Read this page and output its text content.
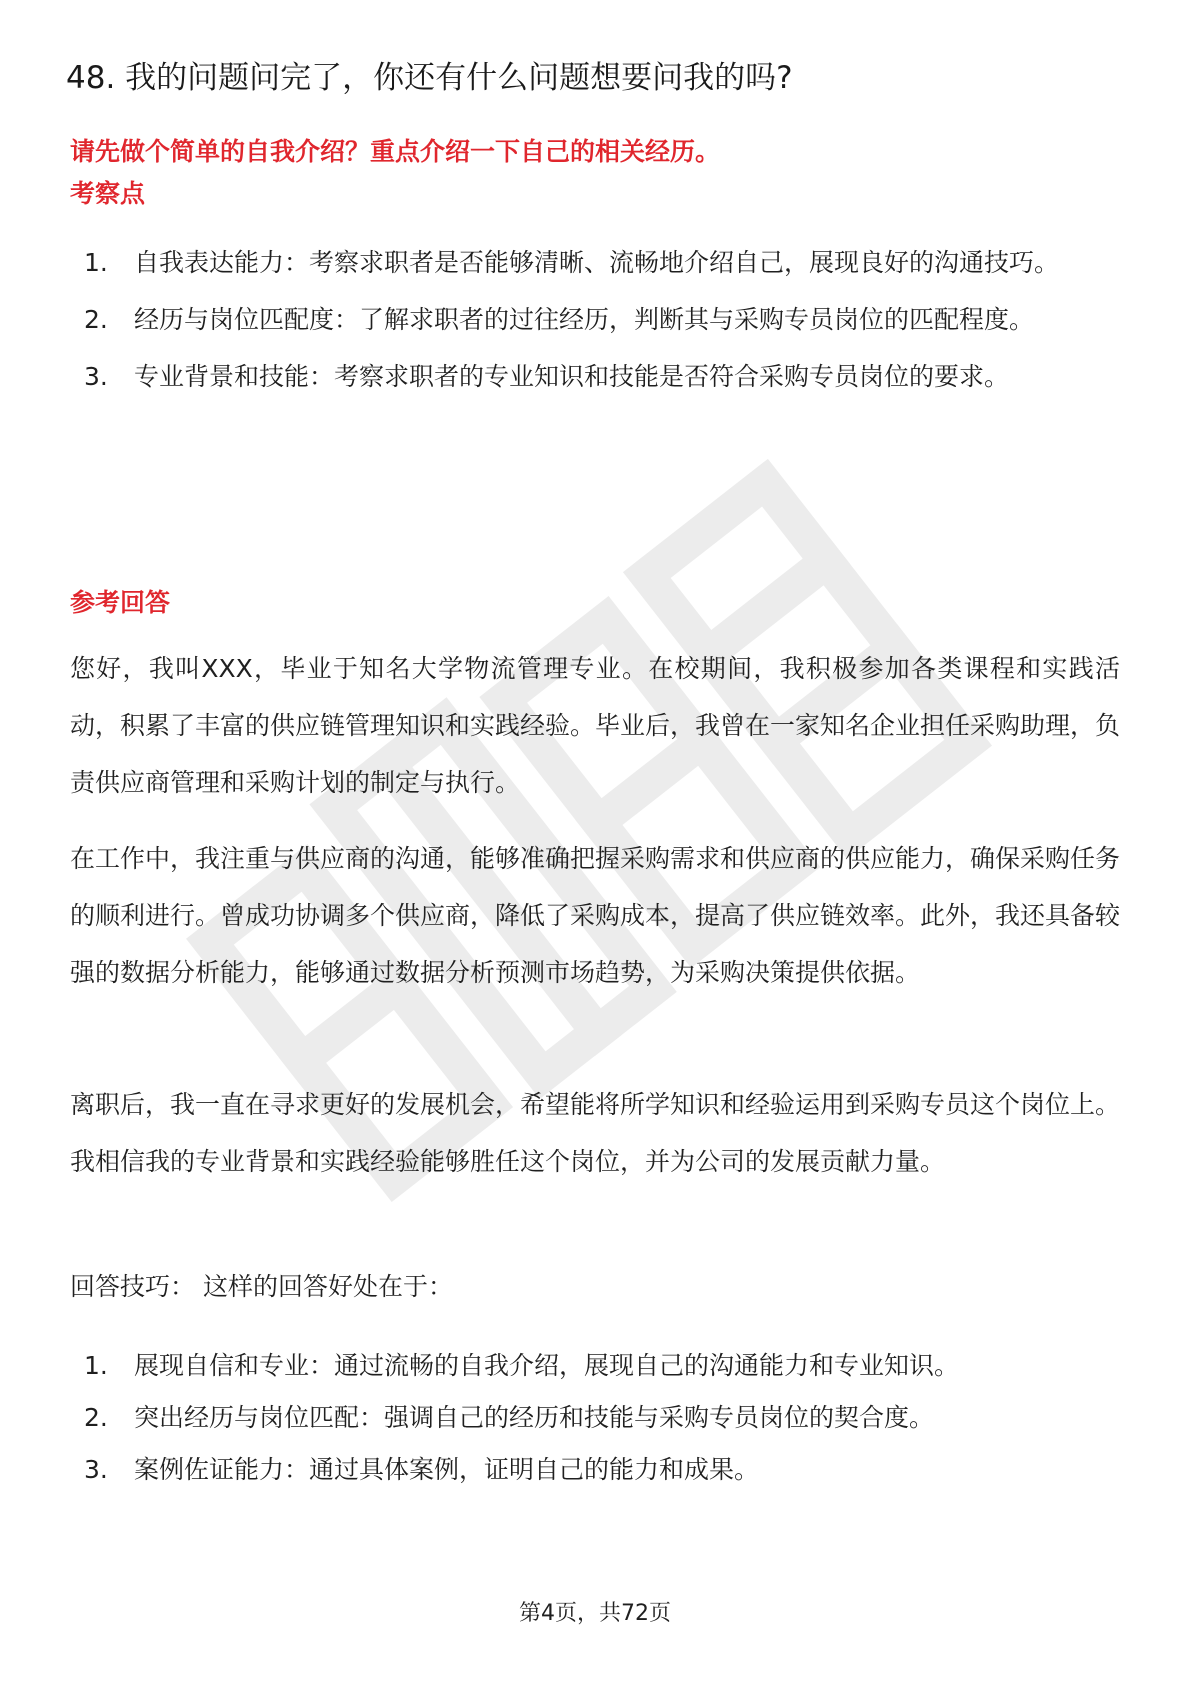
48. 我的问题问完了，你还有什么问题想要问我的吗?

请先做个简单的自我介绍？重点介绍一下自己的相关经历。

考察点

1. 自我表达能力：考察求职者是否能够清晰、流畅地介绍自己，展现良好的沟通技巧。
2. 经历与岗位匹配度：了解求职者的过往经历，判断其与采购专员岗位的匹配程度。
3. 专业背景和技能：考察求职者的专业知识和技能是否符合采购专员岗位的要求。

参考回答

您好，我叫XXX，毕业于知名大学物流管理专业。在校期间，我积极参加各类课程和实践活动，积累了丰富的供应链管理知识和实践经验。毕业后，我曾在一家知名企业担任采购助理，负责供应商管理和采购计划的制定与执行。

在工作中，我注重与供应商的沟通，能够准确把握采购需求和供应商的供应能力，确保采购任务的顺利进行。曾成功协调多个供应商，降低了采购成本，提高了供应链效率。此外，我还具备较强的数据分析能力，能够通过数据分析预测市场趋势，为采购决策提供依据。

离职后，我一直在寻求更好的发展机会，希望能将所学知识和经验运用到采购专员这个岗位上。我相信我的专业背景和实践经验能够胜任这个岗位，并为公司的发展贡献力量。

回答技巧： 这样的回答好处在于：

1. 展现自信和专业：通过流畅的自我介绍，展现自己的沟通能力和专业知识。
2. 突出经历与岗位匹配：强调自己的经历和技能与采购专员岗位的契合度。
3. 案例佐证能力：通过具体案例，证明自己的能力和成果。
第4页，共72页
